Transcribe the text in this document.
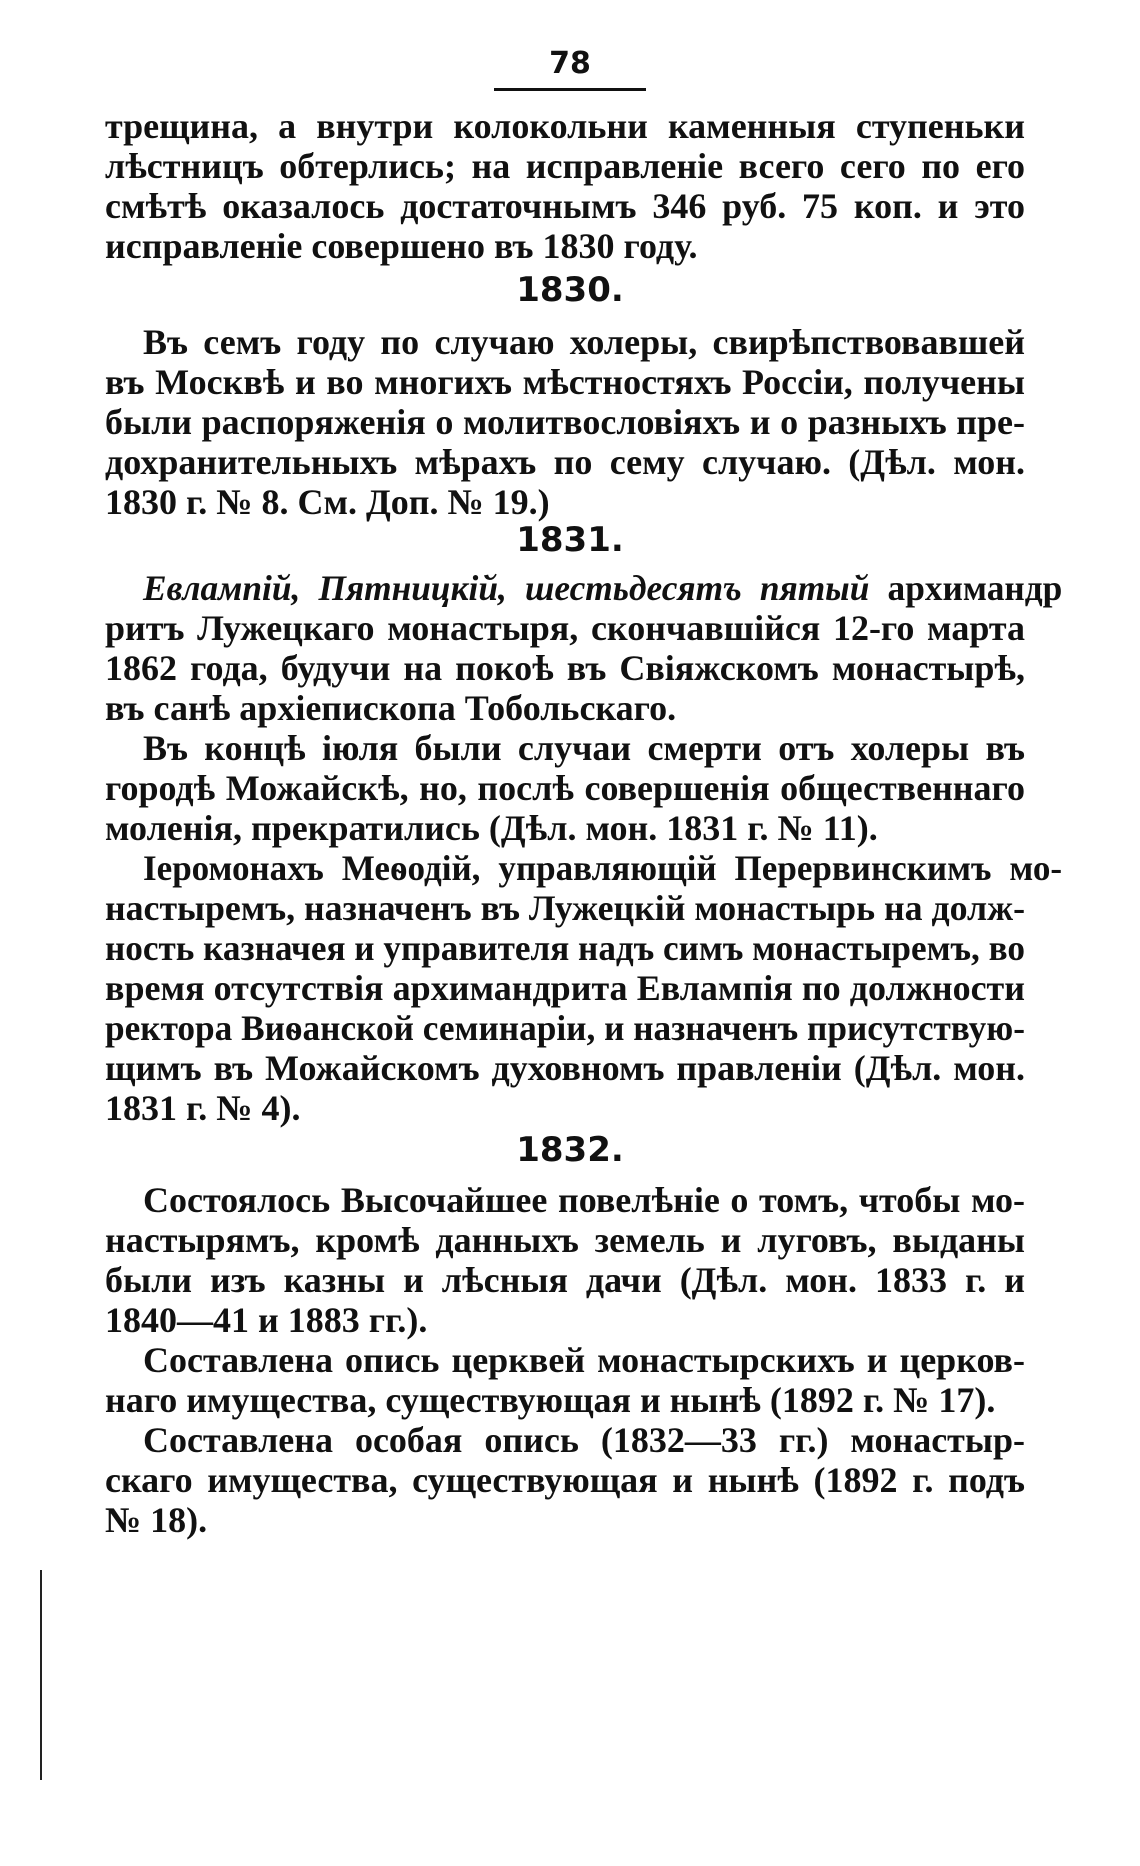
78
трещина, а внутри колокольни каменныя ступеньки
лѣстницъ обтерлись; на исправленіе всего сего по его
смѣтѣ оказалось достаточнымъ 346 руб. 75 коп. и это
исправленіе совершено въ 1830 году.
1830.
Въ семъ году по случаю холеры, свирѣпствовавшей
въ Москвѣ и во многихъ мѣстностяхъ Россіи, получены
были распоряженія о молитвословіяхъ и о разныхъ пре-
дохранительныхъ мѣрахъ по сему случаю. (Дѣл. мон.
1830 г. № 8. См. Доп. № 19.)
1831.
Евлампій, Пятницкій, шестьдесятъ пятый архимандр
ритъ Лужецкаго монастыря, скончавшійся 12-го марта
1862 года, будучи на покоѣ въ Свіяжскомъ монастырѣ,
въ санѣ архіепископа Тобольскаго.
Въ концѣ іюля были случаи смерти отъ холеры въ
городѣ Можайскѣ, но, послѣ совершенія общественнаго
моленія, прекратились (Дѣл. мон. 1831 г. № 11).
Іеромонахъ Меѳодій, управляющій Перервинскимъ мо-
настыремъ, назначенъ въ Лужецкій монастырь на долж-
ность казначея и управителя надъ симъ монастыремъ, во
время отсутствія архимандрита Евлампія по должности
ректора Виѳанской семинаріи, и назначенъ присутствую-
щимъ въ Можайскомъ духовномъ правленіи (Дѣл. мон.
1831 г. № 4).
1832.
Состоялось Высочайшее повелѣніе о томъ, чтобы мо-
настырямъ, кромѣ данныхъ земель и луговъ, выданы
были изъ казны и лѣсныя дачи (Дѣл. мон. 1833 г. и
1840—41 и 1883 гг.).
Составлена опись церквей монастырскихъ и церков-
наго имущества, существующая и нынѣ (1892 г. № 17).
Составлена особая опись (1832—33 гг.) монастыр-
скаго имущества, существующая и нынѣ (1892 г. подъ
№ 18).
